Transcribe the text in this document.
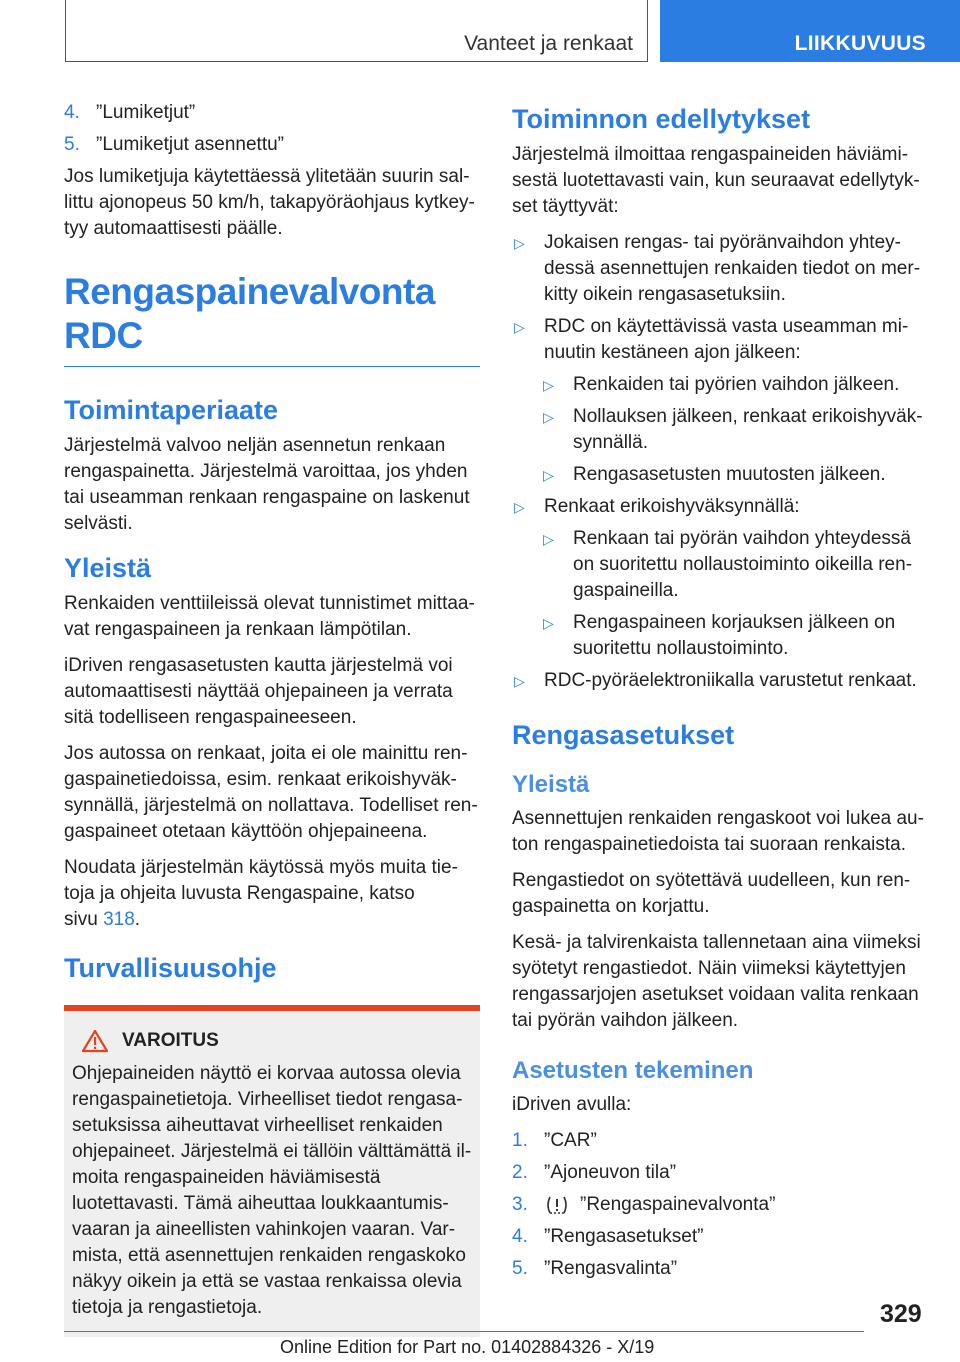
Vanteet ja renkaat	LIIKKUVUUS
4. ”Lumiketjut”
5. ”Lumiketjut asennettu”

Jos lumiketjuja käytettäessä ylitetään suurin sallittu ajonopeus 50 km/h, takapyöräohjaus kytkeytyy automaattisesti päälle.

Rengaspainevalvonta RDC
Toimintaperiaate

Järjestelmä valvoo neljän asennetun renkaan rengaspainetta. Järjestelmä varoittaa, jos yhden tai useamman renkaan rengaspaine on laskenut selvästi.

Yleistä

Renkaiden venttiileissä olevat tunnistimet mittaavat rengaspaineen ja renkaan lämpötilan.

iDriven rengasasetusten kautta järjestelmä voi automaattisesti näyttää ohjepaineen ja verrata sitä todelliseen rengaspaineeseen.

Jos autossa on renkaat, joita ei ole mainittu rengaspainetiedoissa, esim. renkaat erikoishyväksynnällä, järjestelmä on nollattava. Todelliset rengaspaineet otetaan käyttöön ohjepaineena.

Noudata järjestelmän käytössä myös muita tietoja ja ohjeita luvusta Rengaspaine, katso sivu 318.

Turvallisuusohje
VAROITUS

Ohjepaineiden näyttö ei korvaa autossa olevia rengaspainetietoja. Virheelliset tiedot rengasasetuksissa aiheuttavat virheelliset renkaiden ohjepaineet. Järjestelmä ei tällöin välttämättä ilmoita rengaspaineiden häviämisestä luotettavasti. Tämä aiheuttaa loukkaantumisvaaran ja aineellisten vahinkojen vaaran. Varmista, että asennettujen renkaiden rengaskoko näkyy oikein ja että se vastaa renkaissa olevia tietoja ja rengastietoja.

Toiminnon edellytykset

Järjestelmä ilmoittaa rengaspaineiden häviämisestä luotettavasti vain, kun seuraavat edellytykset täyttyvät:

▷	Jokaisen rengas- tai pyöränvaihdon yhteydessä asennettujen renkaiden tiedot on merkitty oikein rengasasetuksiin.
▷	RDC on käytettävissä vasta useamman minuutin kestäneen ajon jälkeen:
▷	Renkaiden tai pyörien vaihdon jälkeen.
▷	Nollauksen jälkeen, renkaat erikoishyväksynnällä.
▷	Rengasasetusten muutosten jälkeen.
▷	Renkaat erikoishyväksynnällä:
▷	Renkaan tai pyörän vaihdon yhteydessä on suoritettu nollaustoiminto oikeilla rengaspaineilla.
▷	Rengaspaineen korjauksen jälkeen on suoritettu nollaustoiminto.
▷	RDC-pyöräelektroniikalla varustetut renkaat.
Rengasasetukset
Yleistä

Asennettujen renkaiden rengaskoot voi lukea auton rengaspainetiedoista tai suoraan renkaista.

Rengastiedot on syötettävä uudelleen, kun rengaspainetta on korjattu.

Kesä- ja talvirenkaista tallennetaan aina viimeksi syötetyt rengastiedot. Näin viimeksi käytettyjen rengassarjojen asetukset voidaan valita renkaan tai pyörän vaihdon jälkeen.

Asetusten tekeminen

iDriven avulla:

1. ”CAR”
2. ”Ajoneuvon tila”
3.	”Rengaspainevalvonta”
4. ”Rengasasetukset”
5. ”Rengasvalinta”
329
Online Edition for Part no. 01402884326 - X/19
